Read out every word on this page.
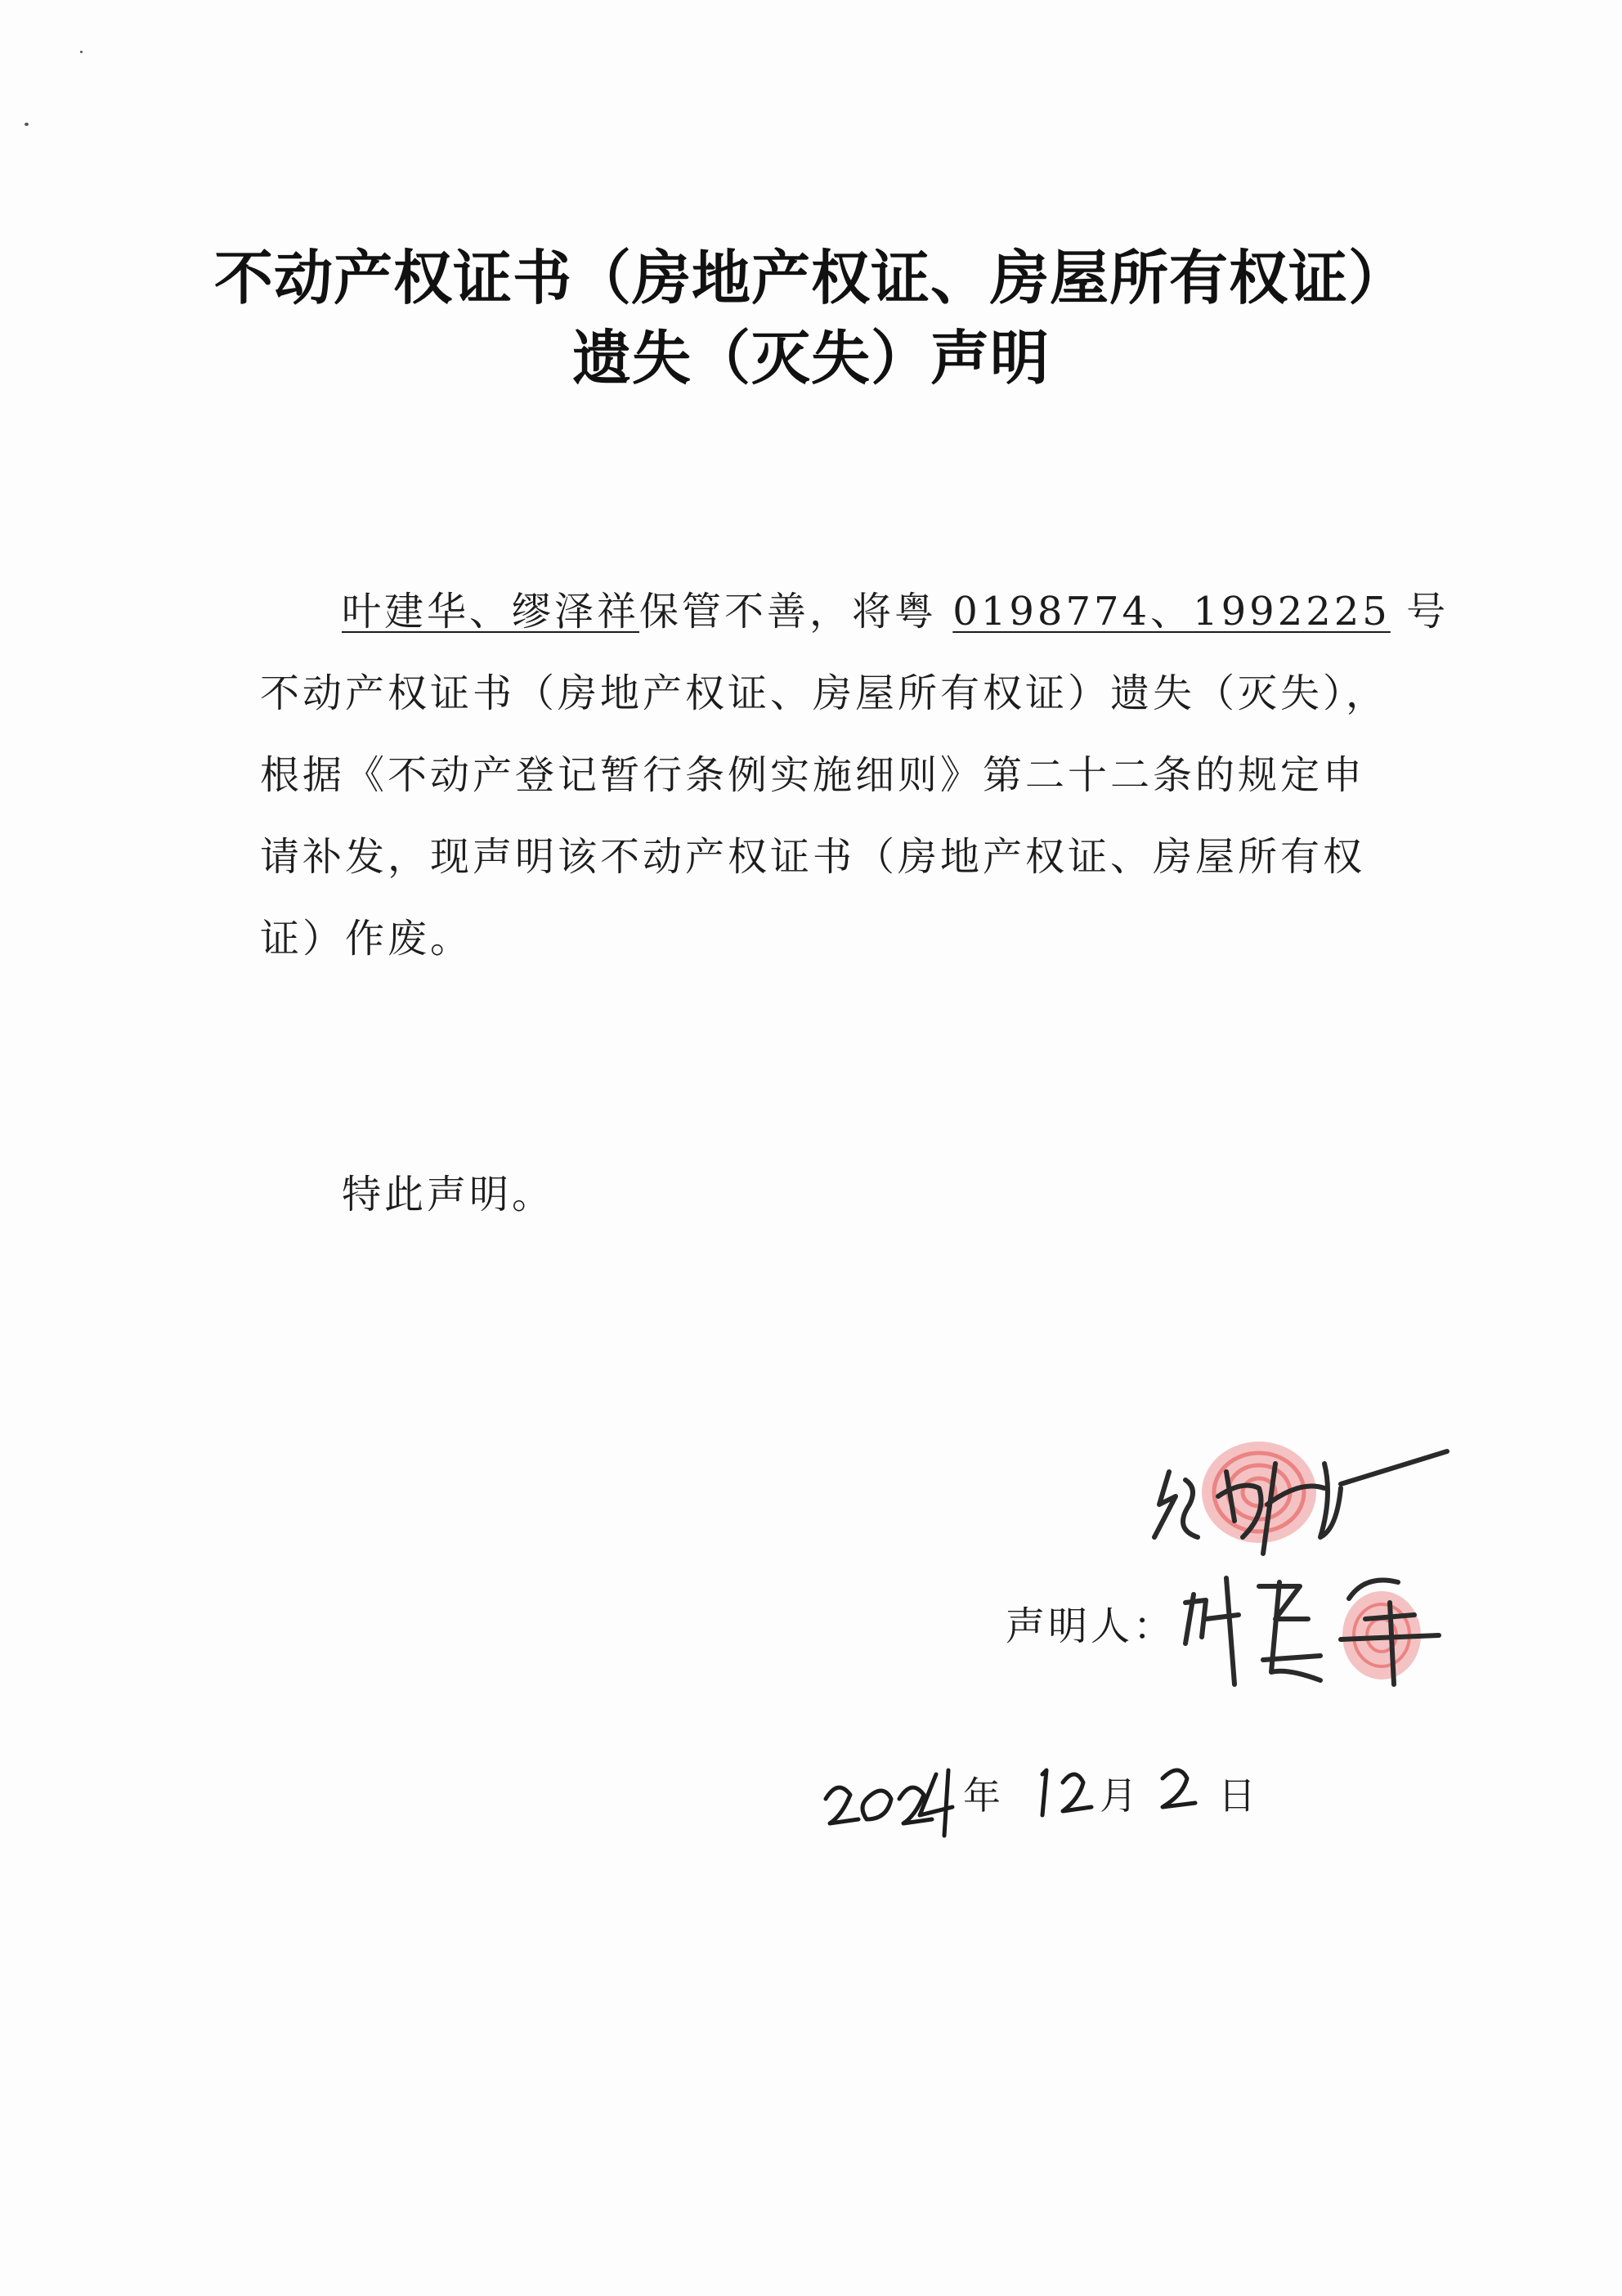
不动产权证书（房地产权证、房屋所有权证）
遗失（灭失）声明
叶建华、缪泽祥保管不善，将粤 0198774、1992225 号
不动产权证书（房地产权证、房屋所有权证）遗失（灭失），
根据《不动产登记暂行条例实施细则》第二十二条的规定申
请补发，现声明该不动产权证书（房地产权证、房屋所有权
证）作废。

特此声明。

声明人：
年	月 日
